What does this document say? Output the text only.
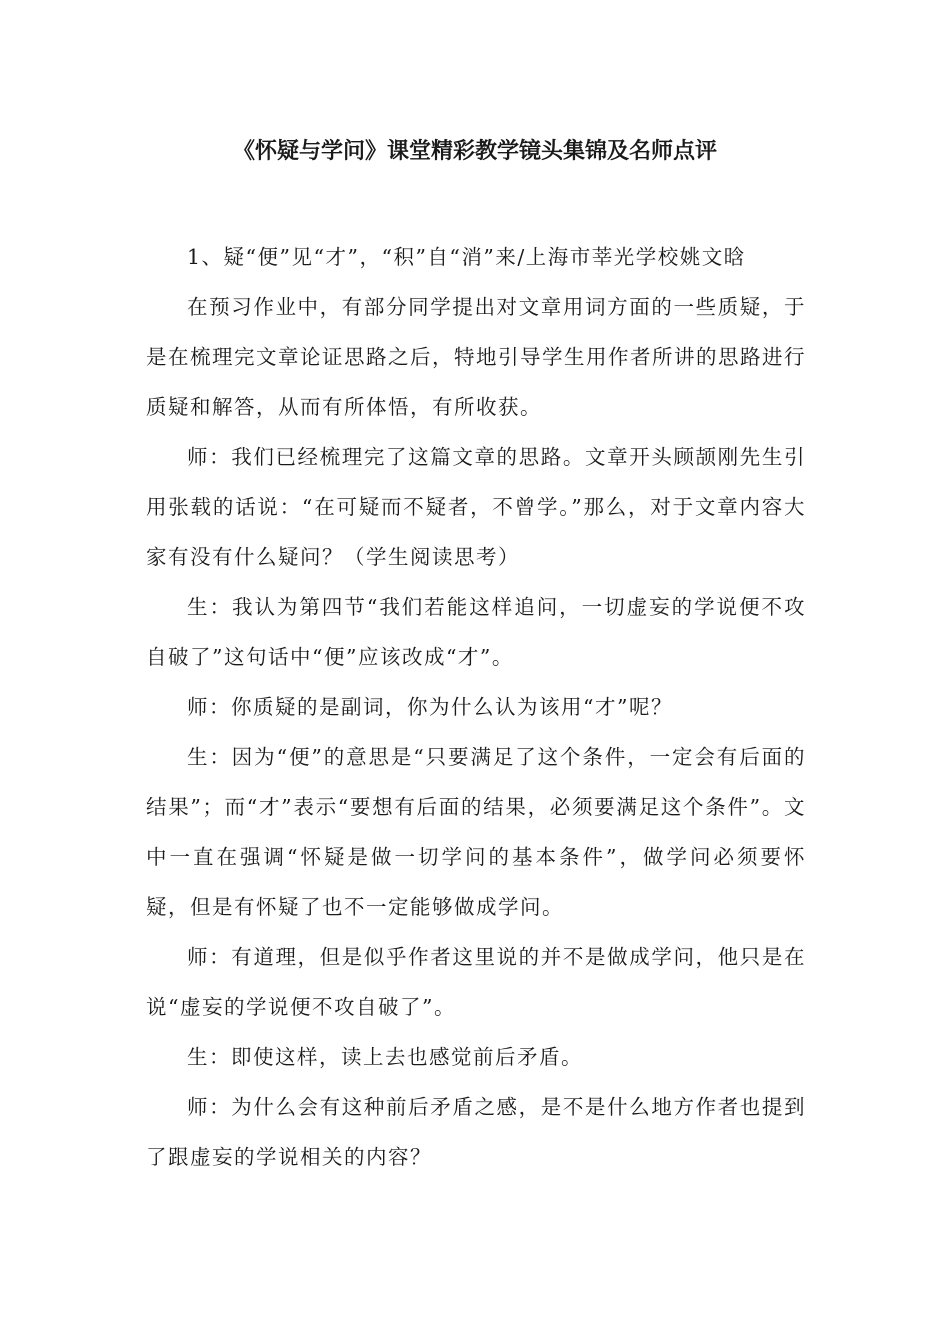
《怀疑与学问》课堂精彩教学镜头集锦及名师点评

1、疑“便”见“才”，“积”自“消”来/上海市莘光学校姚文晗

在预习作业中，有部分同学提出对文章用词方面的一些质疑，于是在梳理完文章论证思路之后，特地引导学生用作者所讲的思路进行质疑和解答，从而有所体悟，有所收获。

师：我们已经梳理完了这篇文章的思路。文章开头顾颉刚先生引用张载的话说：“在可疑而不疑者，不曾学。”那么，对于文章内容大家有没有什么疑问？（学生阅读思考）

生：我认为第四节“我们若能这样追问，一切虚妄的学说便不攻自破了”这句话中“便”应该改成“才”。

师：你质疑的是副词，你为什么认为该用“才”呢？

生：因为“便”的意思是“只要满足了这个条件，一定会有后面的结果”；而“才”表示“要想有后面的结果，必须要满足这个条件”。文中一直在强调“怀疑是做一切学问的基本条件”，做学问必须要怀疑，但是有怀疑了也不一定能够做成学问。

师：有道理，但是似乎作者这里说的并不是做成学问，他只是在说“虚妄的学说便不攻自破了”。

生：即使这样，读上去也感觉前后矛盾。

师：为什么会有这种前后矛盾之感，是不是什么地方作者也提到了跟虚妄的学说相关的内容？
